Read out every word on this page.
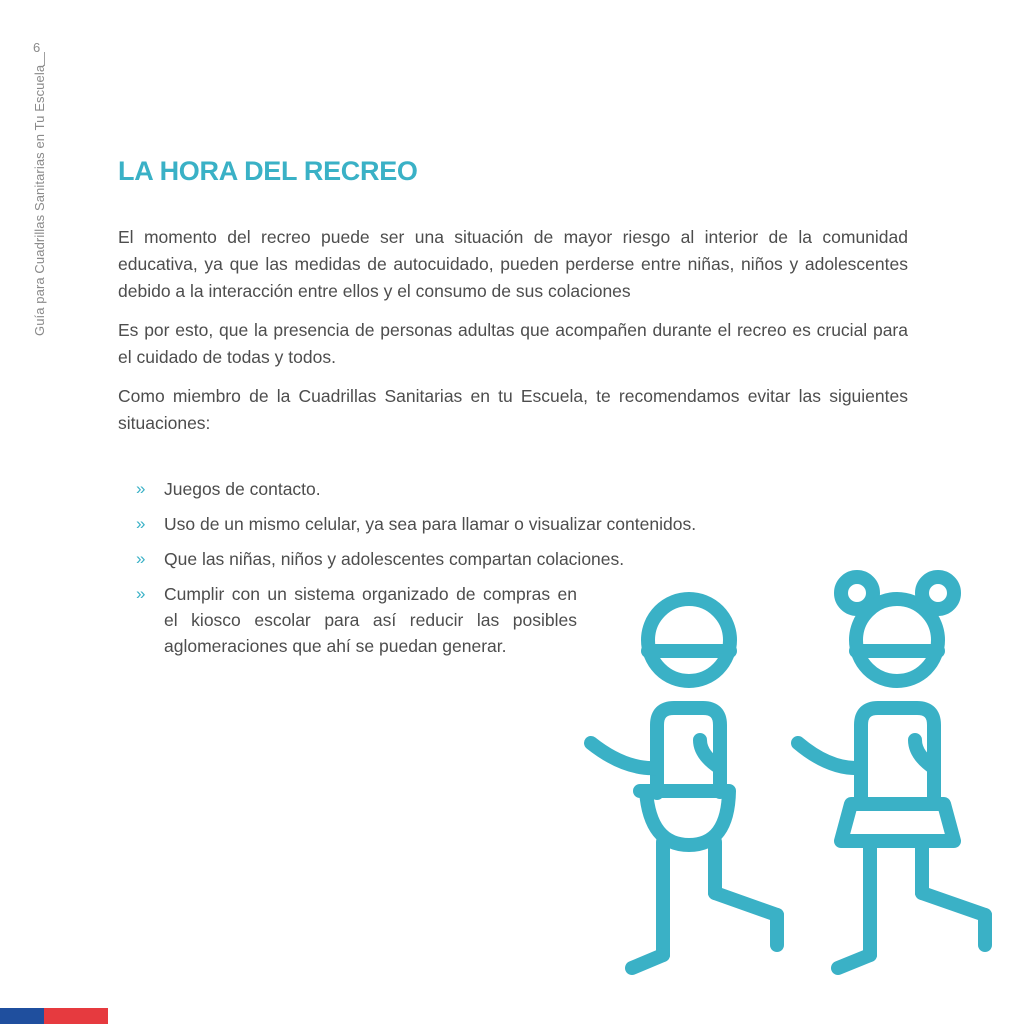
6
Guía para Cuadrillas Sanitarias en Tu Escuela	LA HORA DEL RECREO

El momento del recreo puede ser una situación de mayor riesgo al interior de la comunidad educativa, ya que las medidas de autocuidado, pueden perderse entre niñas, niños y adolescentes debido a la interacción entre ellos y el consumo de sus colaciones

Es por esto, que la presencia de personas adultas que acompañen durante el recreo es crucial para el cuidado de todas y todos.

Como miembro de la Cuadrillas Sanitarias en tu Escuela, te recomendamos evitar las siguientes situaciones:

» Juegos de contacto.
» Uso de un mismo celular, ya sea para llamar o visualizar contenidos.
» Que las niñas, niños y adolescentes compartan colaciones.
» Cumplir con un sistema organizado de compras en el kiosco escolar para así reducir las posibles aglomeraciones que ahí se puedan generar.
